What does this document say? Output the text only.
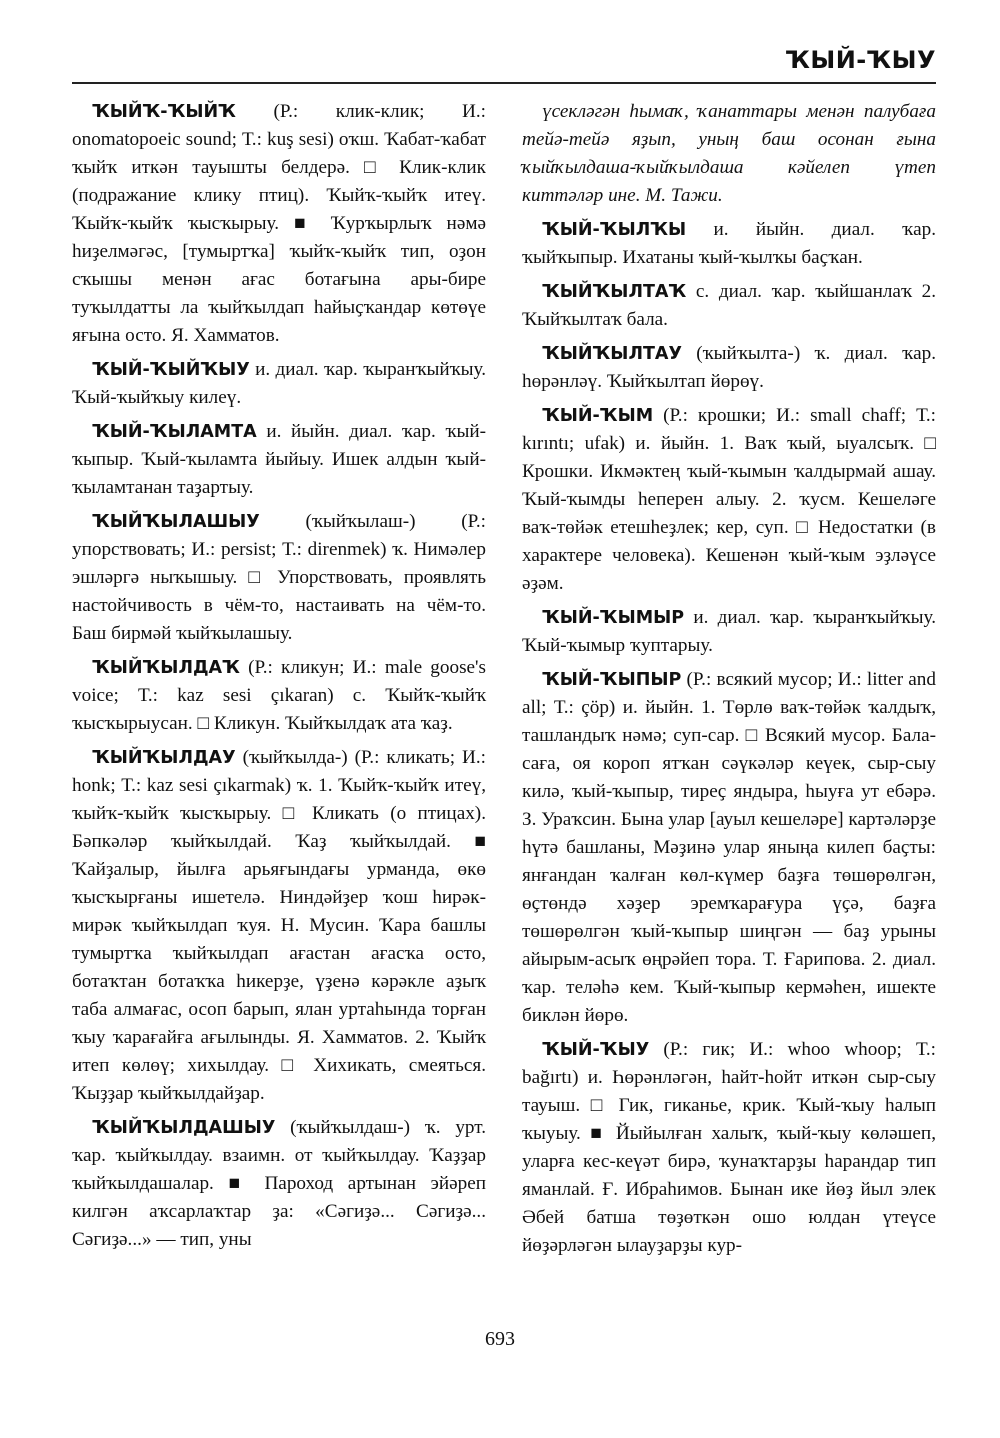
ҠЫЙ-ҠЫУ

ҠЫЙҠ-ҠЫЙҠ (Р.: клик-клик; И.: onomatopoeic sound; Т.: kuş sesi) оҡш. Ҡабат-ҡабат ҡыйҡ иткән тауышты белдерә. □ Клик-клик (подражание клику птиц). Ҡыйҡ-ҡыйҡ итеү. Ҡыйҡ-ҡыйҡ ҡысҡырыу. ■ Ҡурҡырлыҡ нәмә һиҙелмәгәс, [тумыртҡа] ҡыйҡ-ҡыйҡ тип, оҙон сҡышы менән ағас ботағына ары-бире туҡылдатты ла ҡыйҡылдап һайыҫҡандар көтөүе яғына осто. Я. Хамматов.

ҠЫЙ-ҠЫЙҠЫУ и. диал. ҡар. ҡыранҡыйҡыу. Ҡый-ҡыйҡыу килеү.

ҠЫЙ-ҠЫЛАМТА и. йыйн. диал. ҡар. ҡый-ҡыпыр. Ҡый-ҡыламта йыйыу. Ишек алдын ҡый-ҡыламтанан таҙартыу.

ҠЫЙҠЫЛАШЫУ (ҡыйҡылаш-) (Р.: упорствовать; И.: persist; Т.: direnmek) ҡ. Нимәлер эшләргә ныҡышыу. □ Упорствовать, проявлять настойчивость в чём-то, настаивать на чём-то. Баш бирмәй ҡыйҡылашыу.

ҠЫЙҠЫЛДАҠ (Р.: кликун; И.: male goose's voice; Т.: kaz sesi çıkaran) с. Ҡыйҡ-ҡыйҡ ҡысҡырыусан. □ Кликун. Ҡыйҡылдаҡ ата ҡаҙ.

ҠЫЙҠЫЛДАУ (ҡыйҡылда-) (Р.: кликать; И.: honk; Т.: kaz sesi çıkarmak) ҡ. 1. Ҡыйҡ-ҡыйҡ итеү, ҡыйҡ-ҡыйҡ ҡысҡырыу. □ Кликать (о птицах). Бәпкәләр ҡыйҡылдай. Ҡаҙ ҡыйҡылдай. ■ Ҡайҙалыр, йылға арьяғындағы урманда, өкө ҡысҡырғаны ишетелә. Ниндәйҙер ҡош һирәк-мирәк ҡыйҡылдап ҡуя. Н. Мусин. Ҡара башлы тумыртҡа ҡыйҡылдап ағастан ағасҡа осто, ботаҡтан ботаҡҡа һикерҙе, үҙенә кәрәкле аҙыҡ таба алмағас, осоп барып, ялан уртаһында торған ҡыу ҡарағайға ағылынды. Я. Хамматов. 2. Ҡыйҡ итеп көлөү; хихылдау. □ Хихикать, смеяться. Ҡыҙҙар ҡыйҡылдайҙар.

ҠЫЙҠЫЛДАШЫУ (ҡыйҡылдаш-) ҡ. урт. ҡар. ҡыйҡылдау. взаимн. от ҡыйҡылдау. Ҡаҙҙар ҡыйҡылдашалар. ■ Пароход артынан эйәреп килгән аҡсарлаҡтар ҙа: «Сәгиҙә... Сәгиҙә... Сәгиҙә...» — тип, уны

үсекләгән һымаҡ, ҡанаттары менән палубаға тейә-тейә яҙып, уның баш осонан ғына ҡыйҡылдаша-ҡыйҡылдаша кәйелеп үтеп киттәләр ине. М. Тажи.

ҠЫЙ-ҠЫЛҠЫ и. йыйн. диал. ҡар. ҡыйҡыпыр. Ихатаны ҡый-ҡылҡы баҫҡан.

ҠЫЙҠЫЛТАҠ с. диал. ҡар. ҡыйшанлаҡ 2. Ҡыйҡылтаҡ бала.

ҠЫЙҠЫЛТАУ (ҡыйҡылта-) ҡ. диал. ҡар. һөрәнләү. Ҡыйҡылтап йөрөү.

ҠЫЙ-ҠЫМ (Р.: крошки; И.: small chaff; Т.: kırıntı; ufak) и. йыйн. 1. Ваҡ ҡый, ыуалсыҡ. □ Крошки. Икмәктең ҡый-ҡымын ҡалдырмай ашау. Ҡый-ҡымды һеперен алыу. 2. ҡусм. Кешеләге ваҡ-төйәк етешһеҙлек; кер, суп. □ Недостатки (в характере человека). Кешенән ҡый-ҡым эҙләүсе әҙәм.

ҠЫЙ-ҠЫМЫР и. диал. ҡар. ҡыранҡыйҡыу. Ҡый-ҡымыр ҡуптарыу.

ҠЫЙ-ҠЫПЫР (Р.: всякий мусор; И.: litter and all; Т.: çöp) и. йыйн. 1. Төрлө ваҡ-төйәк ҡалдыҡ, ташландыҡ нәмә; суп-сар. □ Всякий мусор. Бала-саға, оя короп ятҡан сәүкәләр кеүек, сыр-сыу килә, ҡый-ҡыпыр, тиреҫ яндыра, һыуға ут ебәрә. З. Ураҡсин. Бына улар [ауыл кешеләре] картәләрҙе һүтә башланы, Мәҙинә улар яныңа килеп баҫты: янғандан ҡалған көл-күмер баҙға төшөрөлгән, өҫтөндә хәҙер эремҡарағура үҫә, баҙға төшөрөлгән ҡый-ҡыпыр шиңгән — баҙ урыны айырым-асыҡ өңрәйеп тора. Т. Ғарипова. 2. диал. ҡар. теләһә кем. Ҡый-ҡыпыр кермәһен, ишекте биклән йөрө.

ҠЫЙ-ҠЫУ (Р.: гик; И.: whoo whoop; Т.: bağırtı) и. Һөрәнләгән, һайт-һойт иткән сыр-сыу тауыш. □ Гик, гиканье, крик. Ҡый-ҡыу һалып ҡыуыу. ■ Йыйылған халыҡ, ҡый-ҡыу көләшеп, уларға кес-кеүәт бирә, ҡунаҡтарҙы һарандар тип яманлай. Ғ. Ибраһимов. Бынан ике йөҙ йыл элек Әбей батша төҙөткән ошо юлдан үтеүсе йөҙәрләгән ылауҙарҙы кур-

693
